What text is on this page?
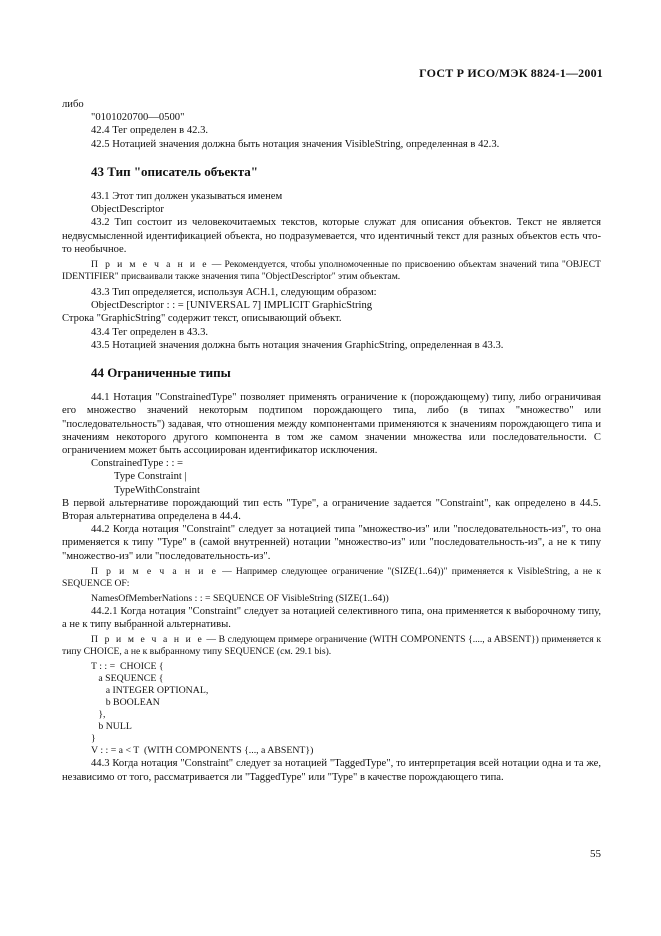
ГОСТ Р ИСО/МЭК 8824-1—2001

либо

"0101020700—0500"

42.4 Тег определен в 42.3.

42.5 Нотацией значения должна быть нотация значения VisibleString, определенная в 42.3.

43 Тип "описатель объекта"

43.1 Этот тип должен указываться именем

ObjectDescriptor

43.2 Тип состоит из человекочитаемых текстов, которые служат для описания объектов. Текст не является недвусмысленной идентификацией объекта, но подразумевается, что идентичный текст для разных объектов есть что-то необычное.

П р и м е ч а н и е — Рекомендуется, чтобы уполномоченные по присвоению объектам значений типа "OBJECT IDENTIFIER" присваивали также значения типа "ObjectDescriptor" этим объектам.

43.3 Тип определяется, используя АСН.1, следующим образом:

ObjectDescriptor : : = [UNIVERSAL 7] IMPLICIT GraphicString

Строка "GraphicString" содержит текст, описывающий объект.

43.4 Тег определен в 43.3.

43.5 Нотацией значения должна быть нотация значения GraphicString, определенная в 43.3.

44 Ограниченные типы

44.1 Нотация "ConstrainedType" позволяет применять ограничение к (порождающему) типу, либо ограничивая его множество значений некоторым подтипом порождающего типа, либо (в типах "множество" или "последовательность") задавая, что отношения между компонентами применяются к значениям порождающего типа и значениям некоторого другого компонента в том же самом значении множества или последовательности. С ограничением может быть ассоциирован идентификатор исключения.

ConstrainedType : : =

Type Constraint |

TypeWithConstraint

В первой альтернативе порождающий тип есть "Type", а ограничение задается "Constraint", как определено в 44.5. Вторая альтернатива определена в 44.4.

44.2 Когда нотация "Constraint" следует за нотацией типа "множество-из" или "последовательность-из", то она применяется к типу "Type" в (самой внутренней) нотации "множество-из" или "последовательность-из", а не к типу "множество-из" или "последовательность-из".

П р и м е ч а н и е — Например следующее ограничение "(SIZE(1..64))" применяется к VisibleString, а не к SEQUENCE OF:

NamesOfMemberNations : : = SEQUENCE OF VisibleString (SIZE(1..64))

44.2.1 Когда нотация "Constraint" следует за нотацией селективного типа, она применяется к выборочному типу, а не к типу выбранной альтернативы.

П р и м е ч а н и е — В следующем примере ограничение (WITH COMPONENTS {...., a ABSENT}) применяется к типу CHOICE, а не к выбранному типу SEQUENCE (см. 29.1 bis).

T : : =  CHOICE {
a SEQUENCE {
a INTEGER OPTIONAL,
b BOOLEAN
},
b NULL
}
V : : = a < T  (WITH COMPONENTS {..., a ABSENT})

44.3 Когда нотация "Constraint" следует за нотацией "TaggedType", то интерпретация всей нотации одна и та же, независимо от того, рассматривается ли "TaggedType" или "Type" в качестве порождающего типа.

55
